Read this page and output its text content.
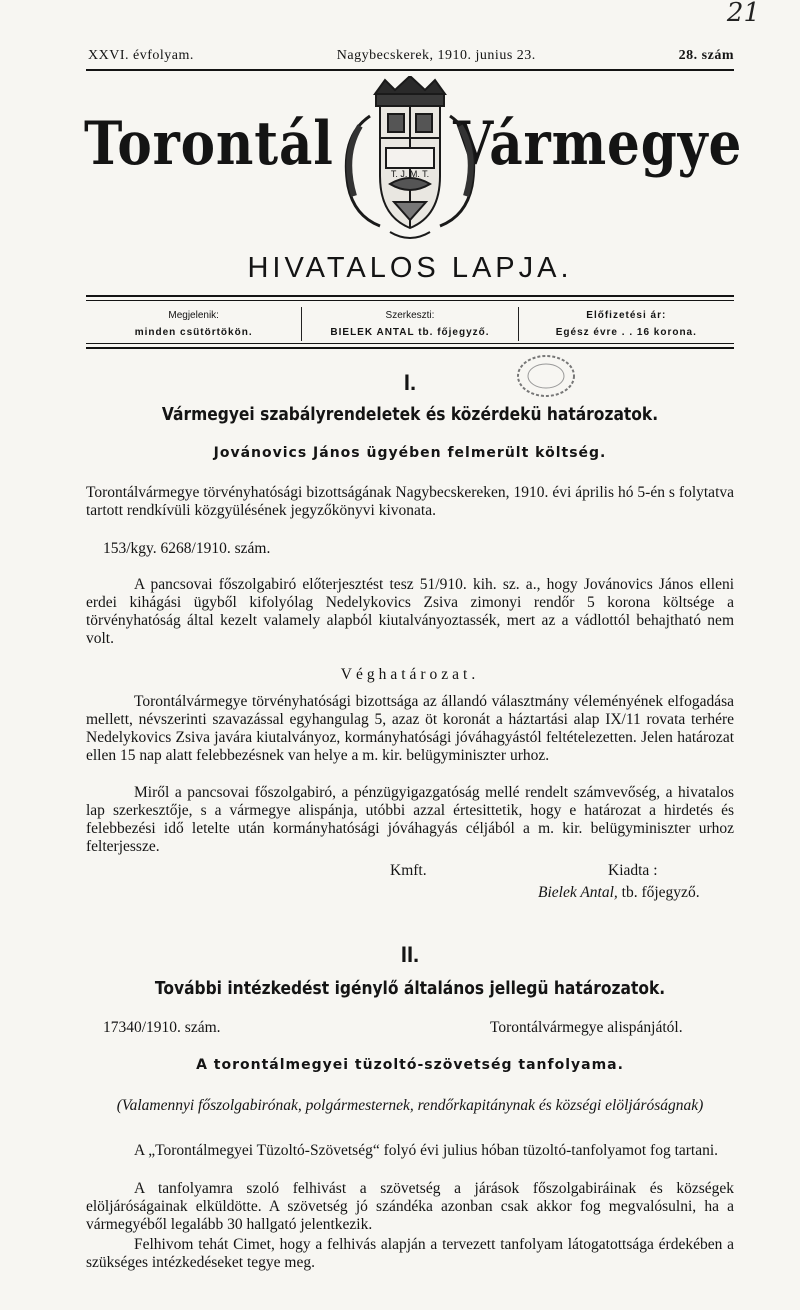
21
XXVI. évfolyam.	Nagybecskerek, 1910. junius 23.	28. szám
Torontál Vármegye
T. J. M. T.
HIVATALOS LAPJA.
Megjelenik:
minden csütörtökön.
Szerkeszti:
BIELEK ANTAL tb. főjegyző.
Előfizetési ár:
Egész évre . . 16 korona.
I.
Vármegyei szabályrendeletek és közérdekü határozatok.
Jovánovics János ügyében felmerült költség.

Torontálvármegye törvényhatósági bizottságának Nagybecskereken, 1910. évi április hó 5-én s folytatva tartott rendkívüli közgyülésének jegyzőkönyvi kivonata.

153/kgy. 6268/1910. szám.

A pancsovai főszolgabiró előterjesztést tesz 51/910. kih. sz. a., hogy Jovánovics János elleni erdei kihágási ügyből kifolyólag Nedelykovics Zsiva zimonyi rendőr 5 korona költsége a törvényhatóság által kezelt valamely alapból kiutalványoztassék, mert az a vádlottól behajtható nem volt.

Véghatározat.

Torontálvármegye törvényhatósági bizottsága az állandó választmány véleményének elfogadása mellett, névszerinti szavazással egyhangulag 5, azaz öt koronát a háztartási alap IX/11 rovata terhére Nedelykovics Zsiva javára kiutalványoz, kormányhatósági jóváhagyástól feltételezetten. Jelen határozat ellen 15 nap alatt felebbezésnek van helye a m. kir. belügyminiszter urhoz.

Miről a pancsovai főszolgabiró, a pénzügyigazgatóság mellé rendelt számvevőség, a hivatalos lap szerkesztője, s a vármegye alispánja, utóbbi azzal értesittetik, hogy e határozat a hirdetés és felebbezési idő letelte után kormányhatósági jóváhagyás céljából a m. kir. belügyminiszter urhoz felterjessze.

Kmft.	Kiadta :
Bielek Antal, tb. főjegyző.
II.
További intézkedést igénylő általános jellegü határozatok.
17340/1910. szám.	Torontálvármegye alispánjától.
A torontálmegyei tüzoltó-szövetség tanfolyama.
(Valamennyi főszolgabirónak, polgármesternek, rendőrkapitánynak és községi elöljáróságnak)

A „Torontálmegyei Tüzoltó-Szövetség“ folyó évi julius hóban tüzoltó-tanfolyamot fog tartani.

A tanfolyamra szoló felhivást a szövetség a járások főszolgabiráinak és községek elöljáróságainak elküldötte. A szövetség jó szándéka azonban csak akkor fog megvalósulni, ha a vármegyéből legalább 30 hallgató jelentkezik.

Felhivom tehát Cimet, hogy a felhivás alapján a tervezett tanfolyam látogatottsága érdekében a szükséges intézkedéseket tegye meg.
